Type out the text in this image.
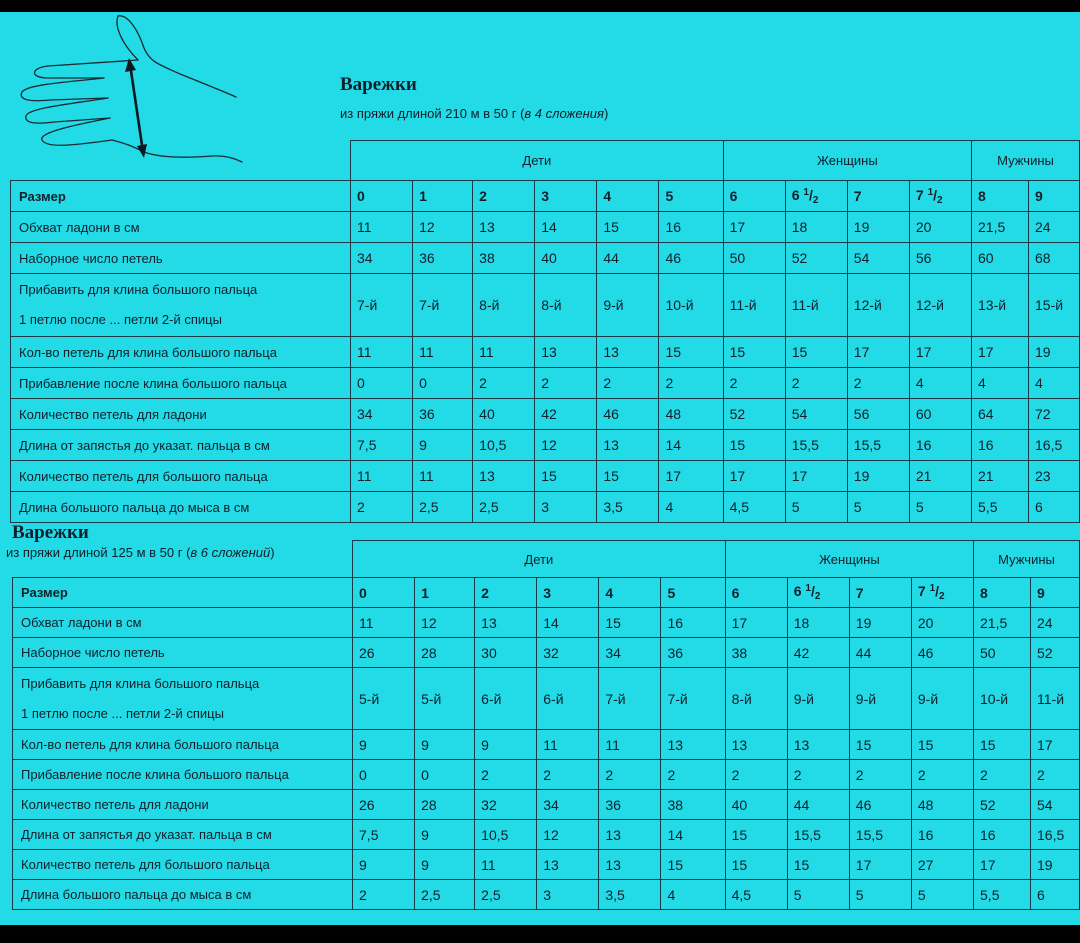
Варежки
из пряжи длиной 210 м в 50 г (в 4 сложения)
	Дети						Женщины				Мужчины	
Размер	0	1	2	3	4	5	6	6 $^1/_2$	7	7 $^1/_2$	8	9

Обхват ладони в см	11	12	13	14	15	16	17	18	19	20	21,5	24

Наборное число петель	34	36	38	40	44	46	50	52	54	56	60	68

Прибавить для клина большого пальца
1 петлю после ... петли 2-й спицы	7-й	7-й	8-й	8-й	9-й	10-й	11-й	11-й	12-й	12-й	13-й	15-й

Кол-во петель для клина большого пальца	11	11	11	13	13	15	15	15	17	17	17	19

Прибавление после клина большого пальца	0	0	2	2	2	2	2	2	2	4	4	4

Количество петель для ладони	34	36	40	42	46	48	52	54	56	60	64	72

Длина от запястья до указат. пальца в см	7,5	9	10,5	12	13	14	15	15,5	15,5	16	16	16,5

Количество петель для большого пальца	11	11	13	15	15	17	17	17	19	21	21	23

Длина большого пальца до мыса в см	2	2,5	2,5	3	3,5	4	4,5	5	5	5	5,5	6
Варежки
из пряжи длиной 125 м в 50 г (в 6 сложений)
		Дети						Женщины				Мужчины	
Размер	0	1	2	3	4	5	6	6 $^1/_2$	7	7 $^1/_2$	8	9

Обхват ладони в см	11	12	13	14	15	16	17	18	19	20	21,5	24

Наборное число петель	26	28	30	32	34	36	38	42	44	46	50	52

Прибавить для клина большого пальца
1 петлю после ... петли 2-й спицы	5-й	5-й	6-й	6-й	7-й	7-й	8-й	9-й	9-й	9-й	10-й	11-й

Кол-во петель для клина большого пальца	9	9	9	11	11	13	13	13	15	15	15	17

Прибавление после клина большого пальца	0	0	2	2	2	2	2	2	2	2	2	2

Количество петель для ладони	26	28	32	34	36	38	40	44	46	48	52	54

Длина от запястья до указат. пальца в см	7,5	9	10,5	12	13	14	15	15,5	15,5	16	16	16,5

Количество петель для большого пальца	9	9	11	13	13	15	15	15	17	27	17	19

Длина большого пальца до мыса в см	2	2,5	2,5	3	3,5	4	4,5	5	5	5	5,5	6
